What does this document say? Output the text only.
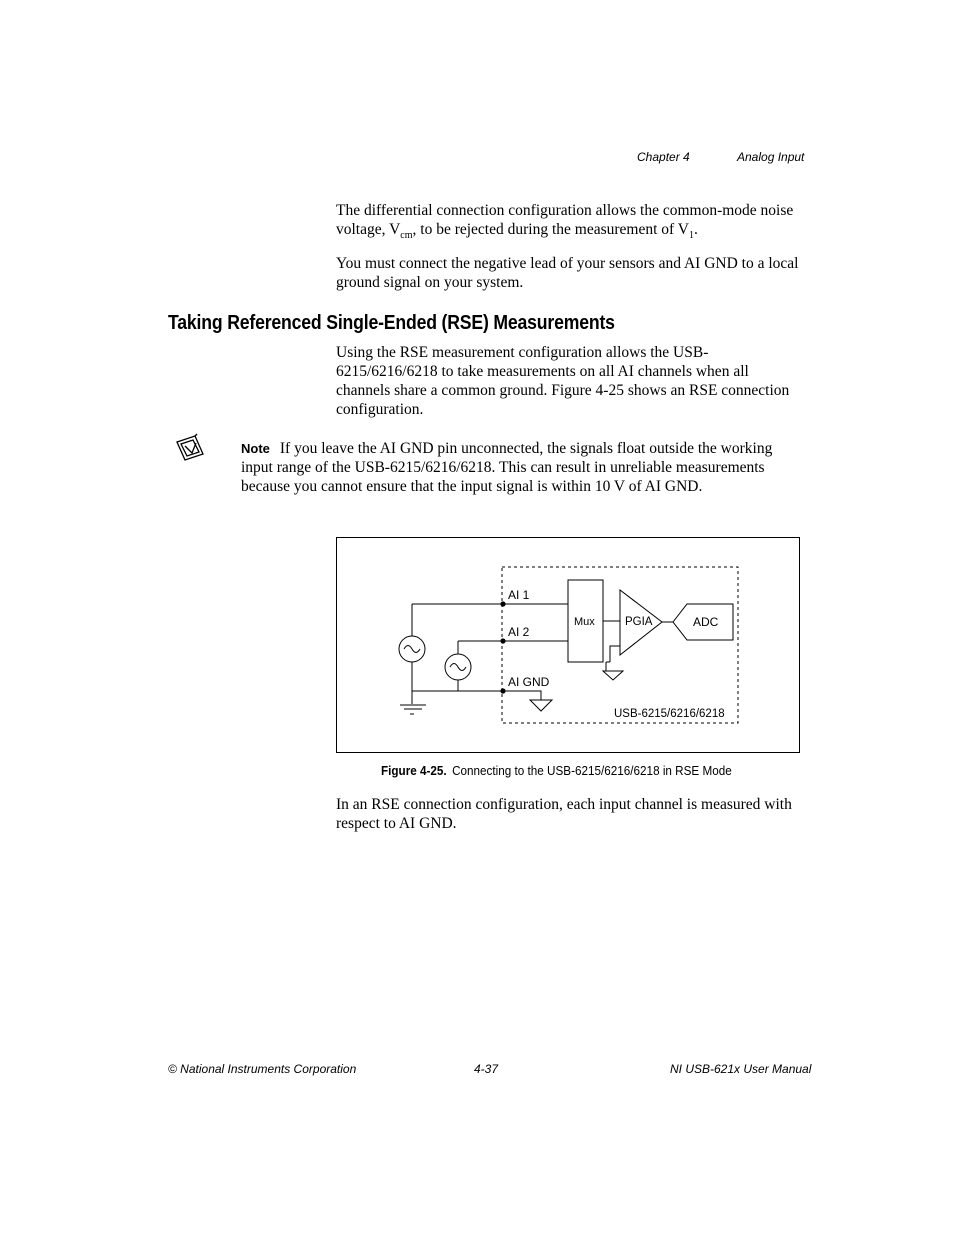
Chapter 4	Analog Input
The differential connection configuration allows the common-mode noise voltage, $V_{cm}$, to be rejected during the measurement of $V_1$.
You must connect the negative lead of your sensors and AI GND to a local ground signal on your system.
Taking Referenced Single-Ended (RSE) Measurements
Using the RSE measurement configuration allows the USB-6215/6216/6218 to take measurements on all AI channels when all channels share a common ground. Figure 4-25 shows an RSE connection configuration.
Note If you leave the AI GND pin unconnected, the signals float outside the working input range of the USB-6215/6216/6218. This can result in unreliable measurements because you cannot ensure that the input signal is within 10 V of AI GND.
AI 1
AI 2
AI GND
Mux	PGIA	ADC
USB-6215/6216/6218
Figure 4-25. Connecting to the USB-6215/6216/6218 in RSE Mode
In an RSE connection configuration, each input channel is measured with respect to AI GND.
© National Instruments Corporation	4-37	NI USB-621x User Manual
